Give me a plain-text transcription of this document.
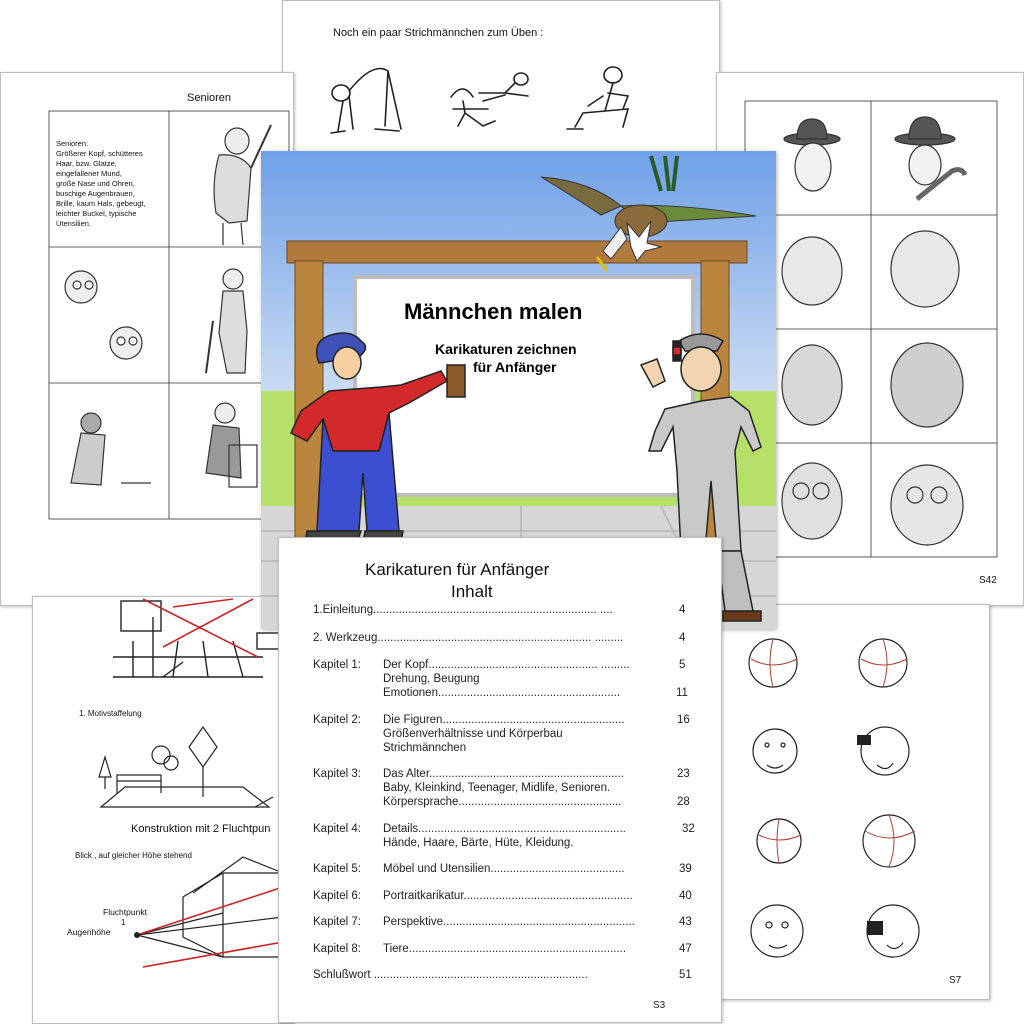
Noch ein paar Strichmännchen zum Üben :
Senioren
Senioren:
Größerer Kopf, schütteres
Haar, bzw. Glatze,
eingefallener Mund,
große Nase und Ohren,
buschige Augenbrauen,
Brille, kaum Hals, gebeugt,
leichter Buckel, typische
Utensilien.
S42
1. Motivstaffelung
Konstruktion mit 2 Fluchtpun
Blick , auf gleicher Höhe stehend
Fluchtpunkt
1
Augenhöhe
S7
Männchen malen
Karikaturen zeichnen
für Anfänger
Karikaturen für Anfänger
Inhalt
1.Einleitung...................................................................... ....	4
2. Werkzeug................................................................... .........	4
Kapitel 1: Der Kopf..................................................... .........	5
Drehung, Beugung
Emotionen.........................................................	11
Kapitel 2: Die Figuren.........................................................	16
Größenverhältnisse und Körperbau
Strichmännchen
Kapitel 3: Das Alter.............................................................	23
Baby, Kleinkind, Teenager, Midlife, Senioren.
Körpersprache...................................................	28
Kapitel 4: Details.................................................................	32
Hände, Haare, Bärte, Hüte, Kleidung.
Kapitel 5: Möbel und Utensilien..........................................	39
Kapitel 6: Portraitkarikatur.....................................................	40
Kapitel 7: Perspektive............................................................	43
Kapitel 8: Tiere....................................................................	47
Schlußwort ...................................................................	51
S3
